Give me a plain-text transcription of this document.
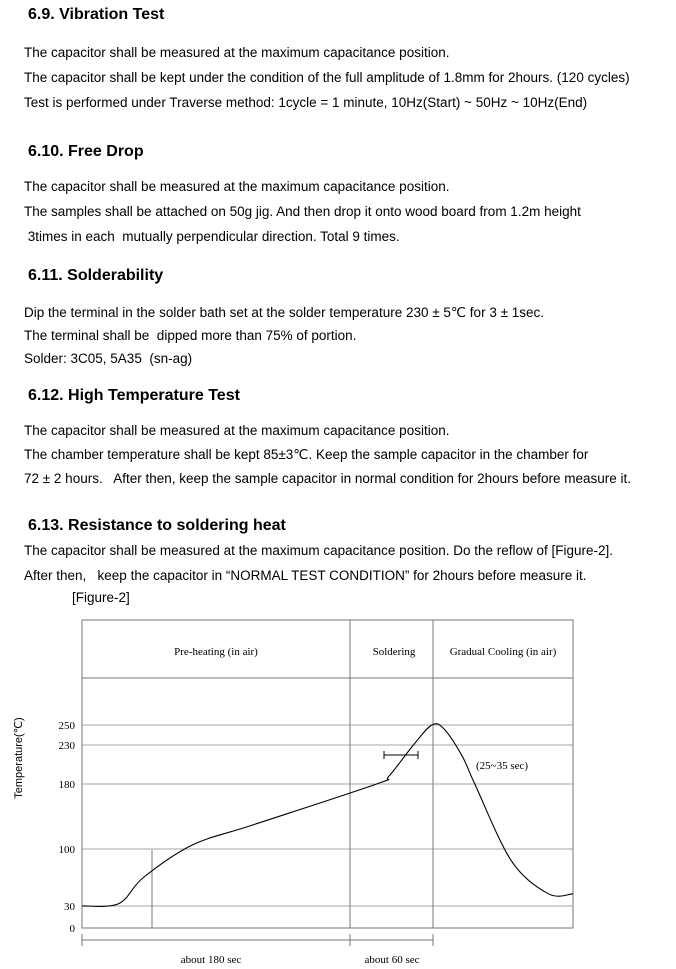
6.9. Vibration Test

The capacitor shall be measured at the maximum capacitance position.

The capacitor shall be kept under the condition of the full amplitude of 1.8mm for 2hours. (120 cycles)

Test is performed under Traverse method: 1cycle = 1 minute, 10Hz(Start) ~ 50Hz ~ 10Hz(End)

6.10. Free Drop

The capacitor shall be measured at the maximum capacitance position.

The samples shall be attached on 50g jig. And then drop it onto wood board from 1.2m height

3times in each  mutually perpendicular direction. Total 9 times.

6.11. Solderability

Dip the terminal in the solder bath set at the solder temperature 230 ± 5℃ for 3 ± 1sec.

The terminal shall be  dipped more than 75% of portion.

Solder: 3C05, 5A35  (sn-ag)

6.12. High Temperature Test

The capacitor shall be measured at the maximum capacitance position.

The chamber temperature shall be kept 85±3℃. Keep the sample capacitor in the chamber for

72 ± 2 hours.   After then, keep the sample capacitor in normal condition for 2hours before measure it.

6.13. Resistance to soldering heat

The capacitor shall be measured at the maximum capacitance position. Do the reflow of [Figure-2].

After then,   keep the capacitor in “NORMAL TEST CONDITION” for 2hours before measure it.

[Figure-2]
Pre-heating (in air)	Soldering	Gradual Cooling (in air)
Temperature(℃)
0
30
100
180
230
250
(25~35 sec)
about 180 sec	about 60 sec
